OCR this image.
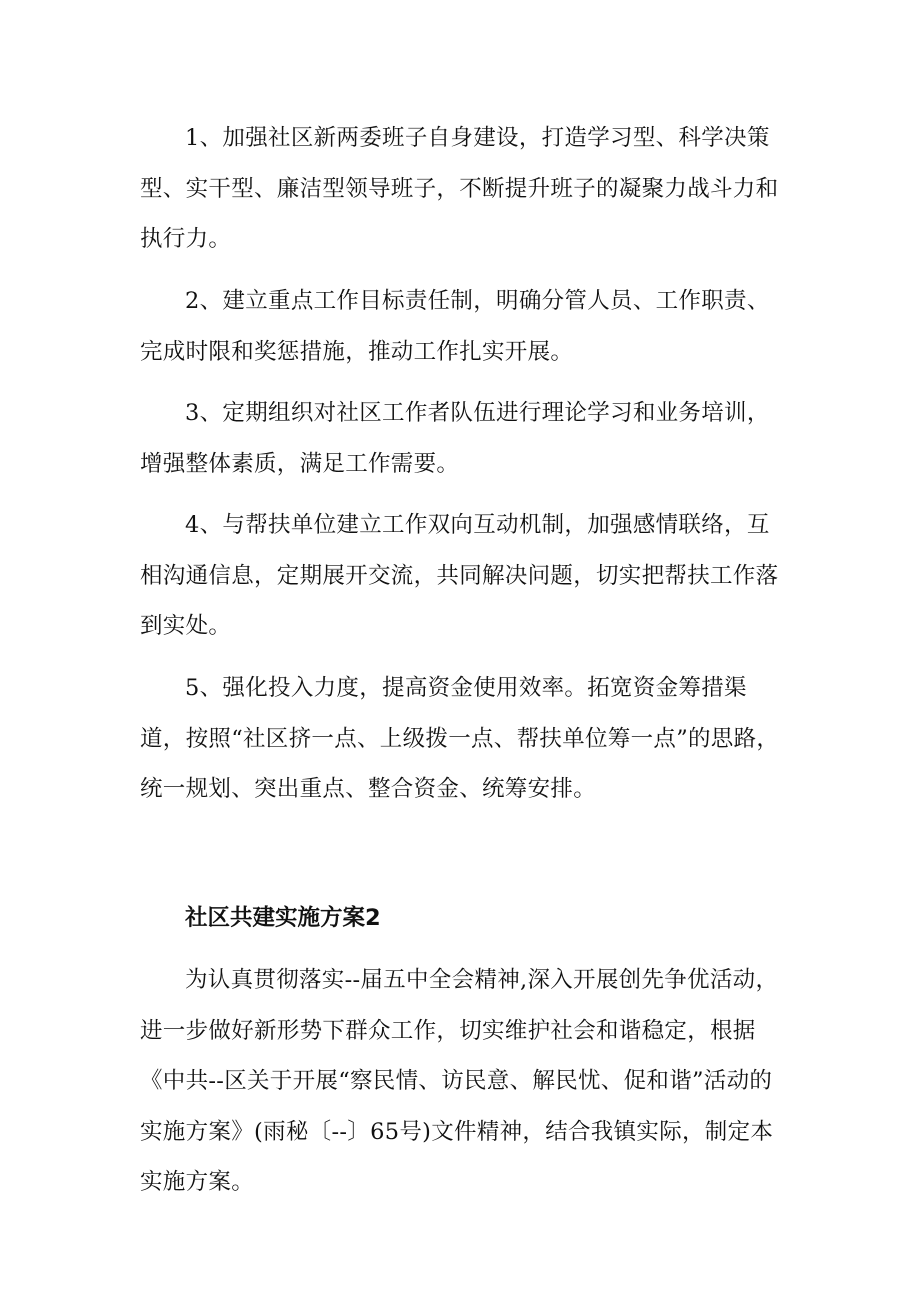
1、加强社区新两委班子自身建设，打造学习型、科学决策型、实干型、廉洁型领导班子，不断提升班子的凝聚力战斗力和执行力。

2、建立重点工作目标责任制，明确分管人员、工作职责、完成时限和奖惩措施，推动工作扎实开展。

3、定期组织对社区工作者队伍进行理论学习和业务培训，增强整体素质，满足工作需要。

4、与帮扶单位建立工作双向互动机制，加强感情联络，互相沟通信息，定期展开交流，共同解决问题，切实把帮扶工作落到实处。

5、强化投入力度，提高资金使用效率。拓宽资金筹措渠道，按照“社区挤一点、上级拨一点、帮扶单位筹一点”的思路，统一规划、突出重点、整合资金、统筹安排。

社区共建实施方案2

为认真贯彻落实--届五中全会精神,深入开展创先争优活动，进一步做好新形势下群众工作，切实维护社会和谐稳定，根据《中共--区关于开展“察民情、访民意、解民忧、促和谐”活动的实施方案》(雨秘〔--〕65号)文件精神，结合我镇实际，制定本实施方案。
